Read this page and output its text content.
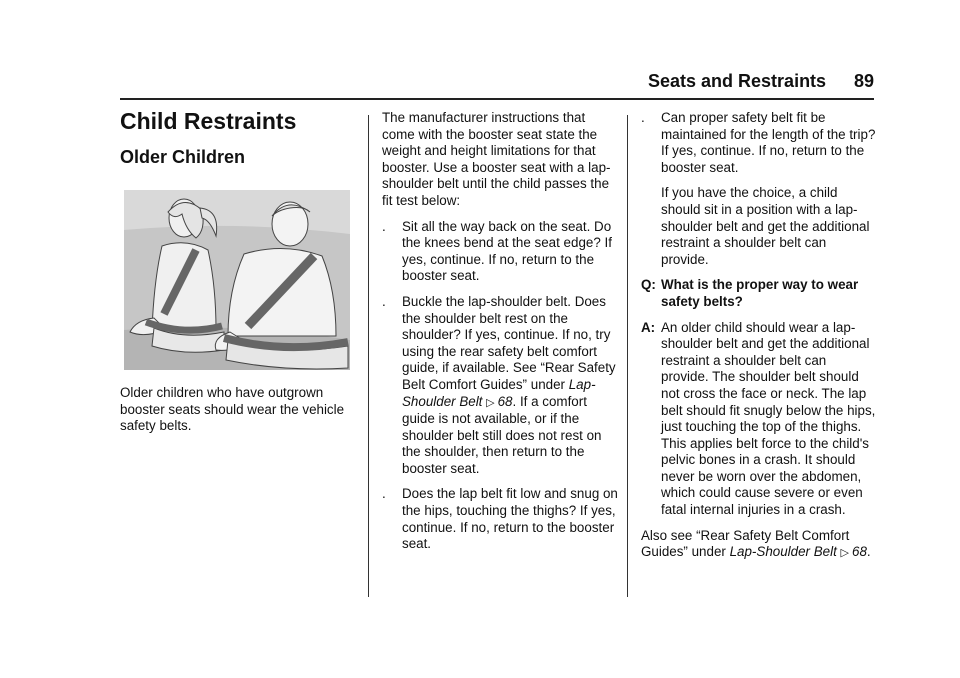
Seats and Restraints 89
Child Restraints
Older Children

Older children who have outgrown booster seats should wear the vehicle safety belts.

The manufacturer instructions that come with the booster seat state the weight and height limitations for that booster. Use a booster seat with a lap-shoulder belt until the child passes the fit test below:

. Sit all the way back on the seat. Do the knees bend at the seat edge? If yes, continue. If no, return to the booster seat.
. Buckle the lap-shoulder belt. Does the shoulder belt rest on the shoulder? If yes, continue. If no, try using the rear safety belt comfort guide, if available. See “Rear Safety Belt Comfort Guides” under Lap-Shoulder Belt ▷ 68. If a comfort guide is not available, or if the shoulder belt still does not rest on the shoulder, then return to the booster seat.
. Does the lap belt fit low and snug on the hips, touching the thighs? If yes, continue. If no, return to the booster seat.
. Can proper safety belt fit be maintained for the length of the trip? If yes, continue. If no, return to the booster seat.

If you have the choice, a child should sit in a position with a lap-shoulder belt and get the additional restraint a shoulder belt can provide.

Q: What is the proper way to wear safety belts?
A: An older child should wear a lap-shoulder belt and get the additional restraint a shoulder belt can provide. The shoulder belt should not cross the face or neck. The lap belt should fit snugly below the hips, just touching the top of the thighs. This applies belt force to the child's pelvic bones in a crash. It should never be worn over the abdomen, which could cause severe or even fatal internal injuries in a crash.

Also see “Rear Safety Belt Comfort Guides” under Lap-Shoulder Belt ▷ 68.
